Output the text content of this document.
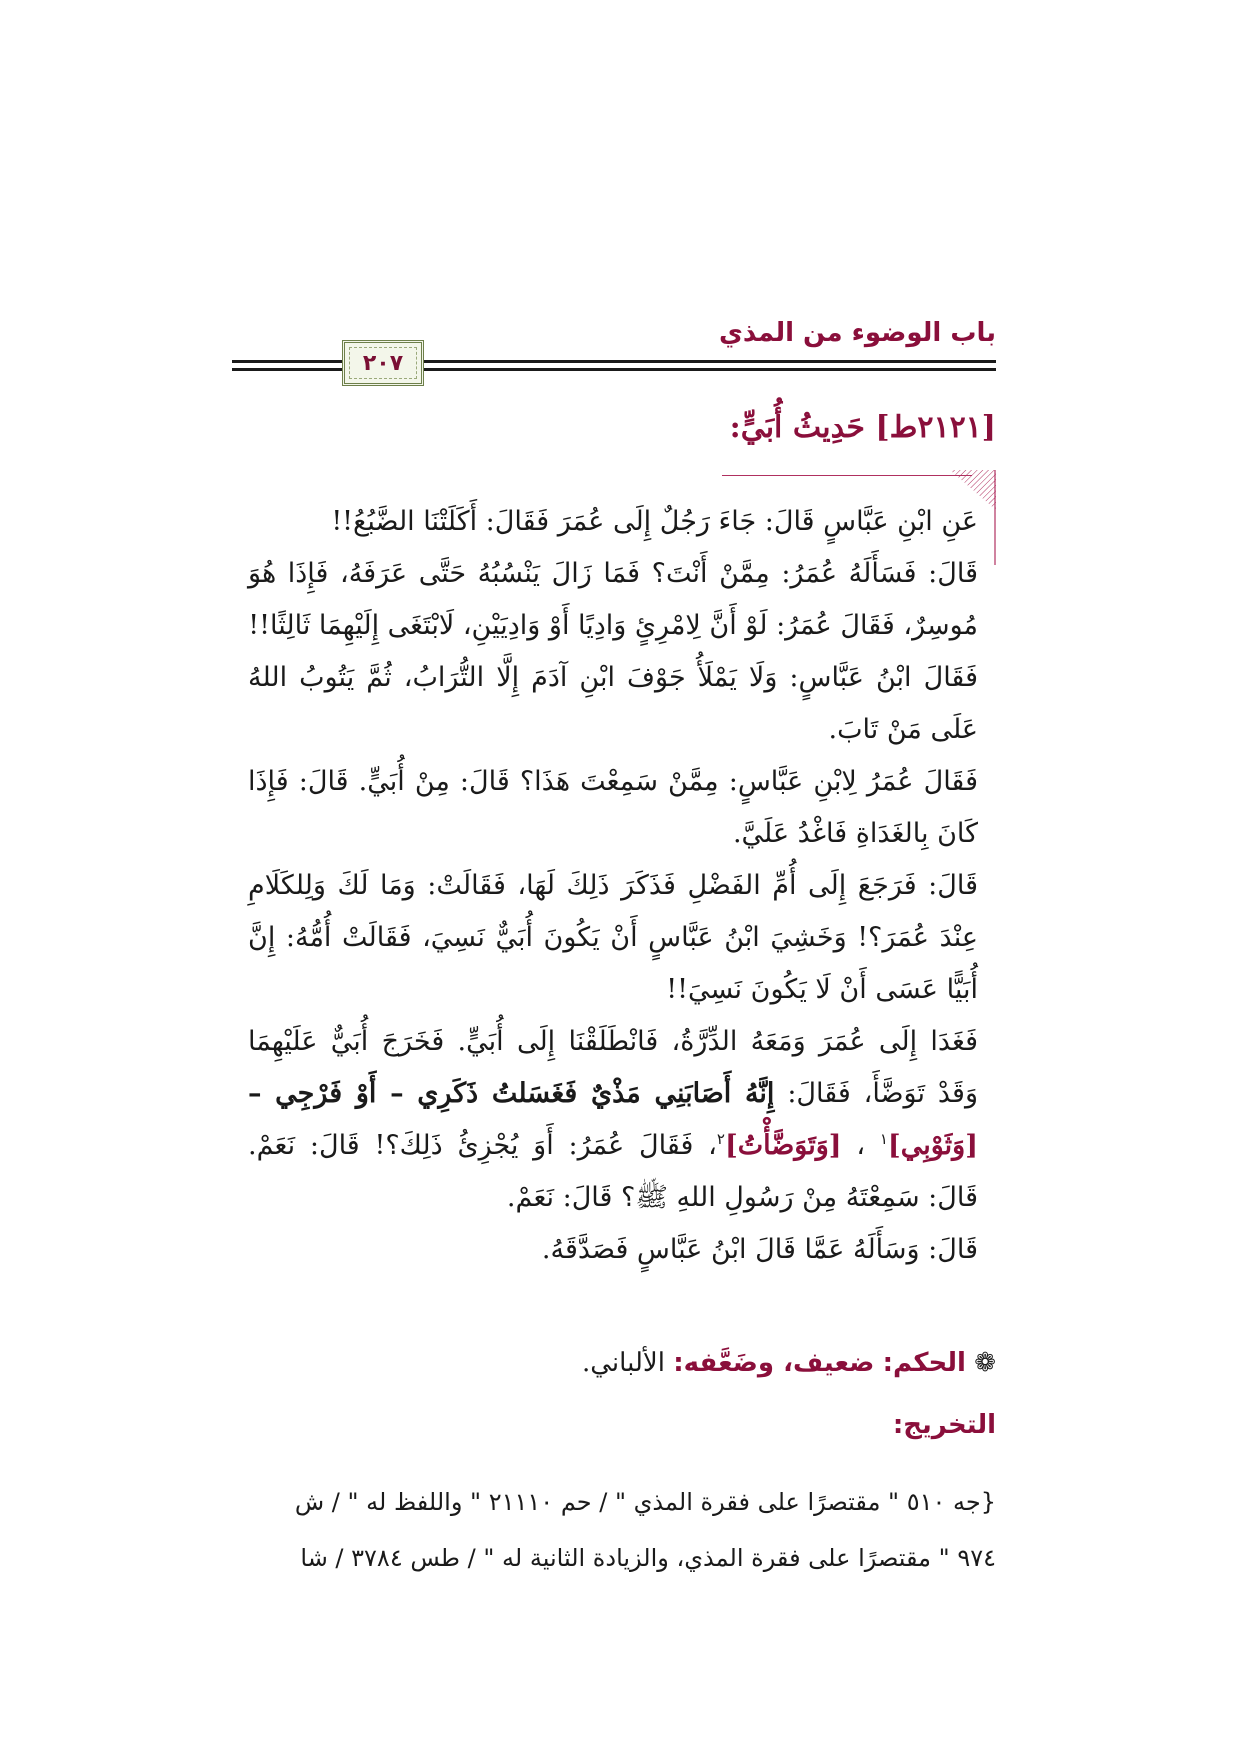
باب الوضوء من المذي
٢٠٧
[٢١٢١ط] حَدِيثُ أُبَيٍّ:

عَنِ ابْنِ عَبَّاسٍ قَالَ: جَاءَ رَجُلٌ إِلَى عُمَرَ فَقَالَ: أَكَلَتْنَا الضَّبُعُ!!

قَالَ: فَسَأَلَهُ عُمَرُ: مِمَّنْ أَنْتَ؟ فَمَا زَالَ يَنْسُبُهُ حَتَّى عَرَفَهُ، فَإِذَا هُوَ مُوسِرٌ، فَقَالَ عُمَرُ: لَوْ أَنَّ لِامْرِئٍ وَادِيًا أَوْ وَادِيَيْنِ، لَابْتَغَى إِلَيْهِمَا ثَالِثًا!!

فَقَالَ ابْنُ عَبَّاسٍ: وَلَا يَمْلَأُ جَوْفَ ابْنِ آدَمَ إِلَّا التُّرَابُ، ثُمَّ يَتُوبُ اللهُ عَلَى مَنْ تَابَ.

فَقَالَ عُمَرُ لِابْنِ عَبَّاسٍ: مِمَّنْ سَمِعْتَ هَذَا؟ قَالَ: مِنْ أُبَيٍّ. قَالَ: فَإِذَا كَانَ بِالغَدَاةِ فَاغْدُ عَلَيَّ.

قَالَ: فَرَجَعَ إِلَى أُمِّ الفَضْلِ فَذَكَرَ ذَلِكَ لَهَا، فَقَالَتْ: وَمَا لَكَ وَلِلكَلَامِ عِنْدَ عُمَرَ؟! وَخَشِيَ ابْنُ عَبَّاسٍ أَنْ يَكُونَ أُبَيٌّ نَسِيَ، فَقَالَتْ أُمُّهُ: إِنَّ أُبَيًّا عَسَى أَنْ لَا يَكُونَ نَسِيَ!!

فَغَدَا إِلَى عُمَرَ وَمَعَهُ الدِّرَّةُ، فَانْطَلَقْنَا إِلَى أُبَيٍّ. فَخَرَجَ أُبَيٌّ عَلَيْهِمَا وَقَدْ تَوَضَّأَ، فَقَالَ: إِنَّهُ أَصَابَنِي مَذْيٌ فَغَسَلتُ ذَكَرِي – أَوْ فَرْجِي – [وَثَوْبِي]$^١$ ، [وَتَوَضَّأْتُ]$^٢$، فَقَالَ عُمَرُ: أَوَ يُجْزِئُ ذَلِكَ؟! قَالَ: نَعَمْ. قَالَ: سَمِعْتَهُ مِنْ رَسُولِ اللهِ ﷺ؟ قَالَ: نَعَمْ.

قَالَ: وَسَأَلَهُ عَمَّا قَالَ ابْنُ عَبَّاسٍ فَصَدَّقَهُ.

❁ الحكم: ضعيف، وضَعَّفه: الألباني.
التخريج:

{جه ٥١٠ " مقتصرًا على فقرة المذي " / حم ٢١١١٠ " واللفظ له " / ش

٩٧٤ " مقتصرًا على فقرة المذي، والزيادة الثانية له " / طس ٣٧٨٤ / شا
